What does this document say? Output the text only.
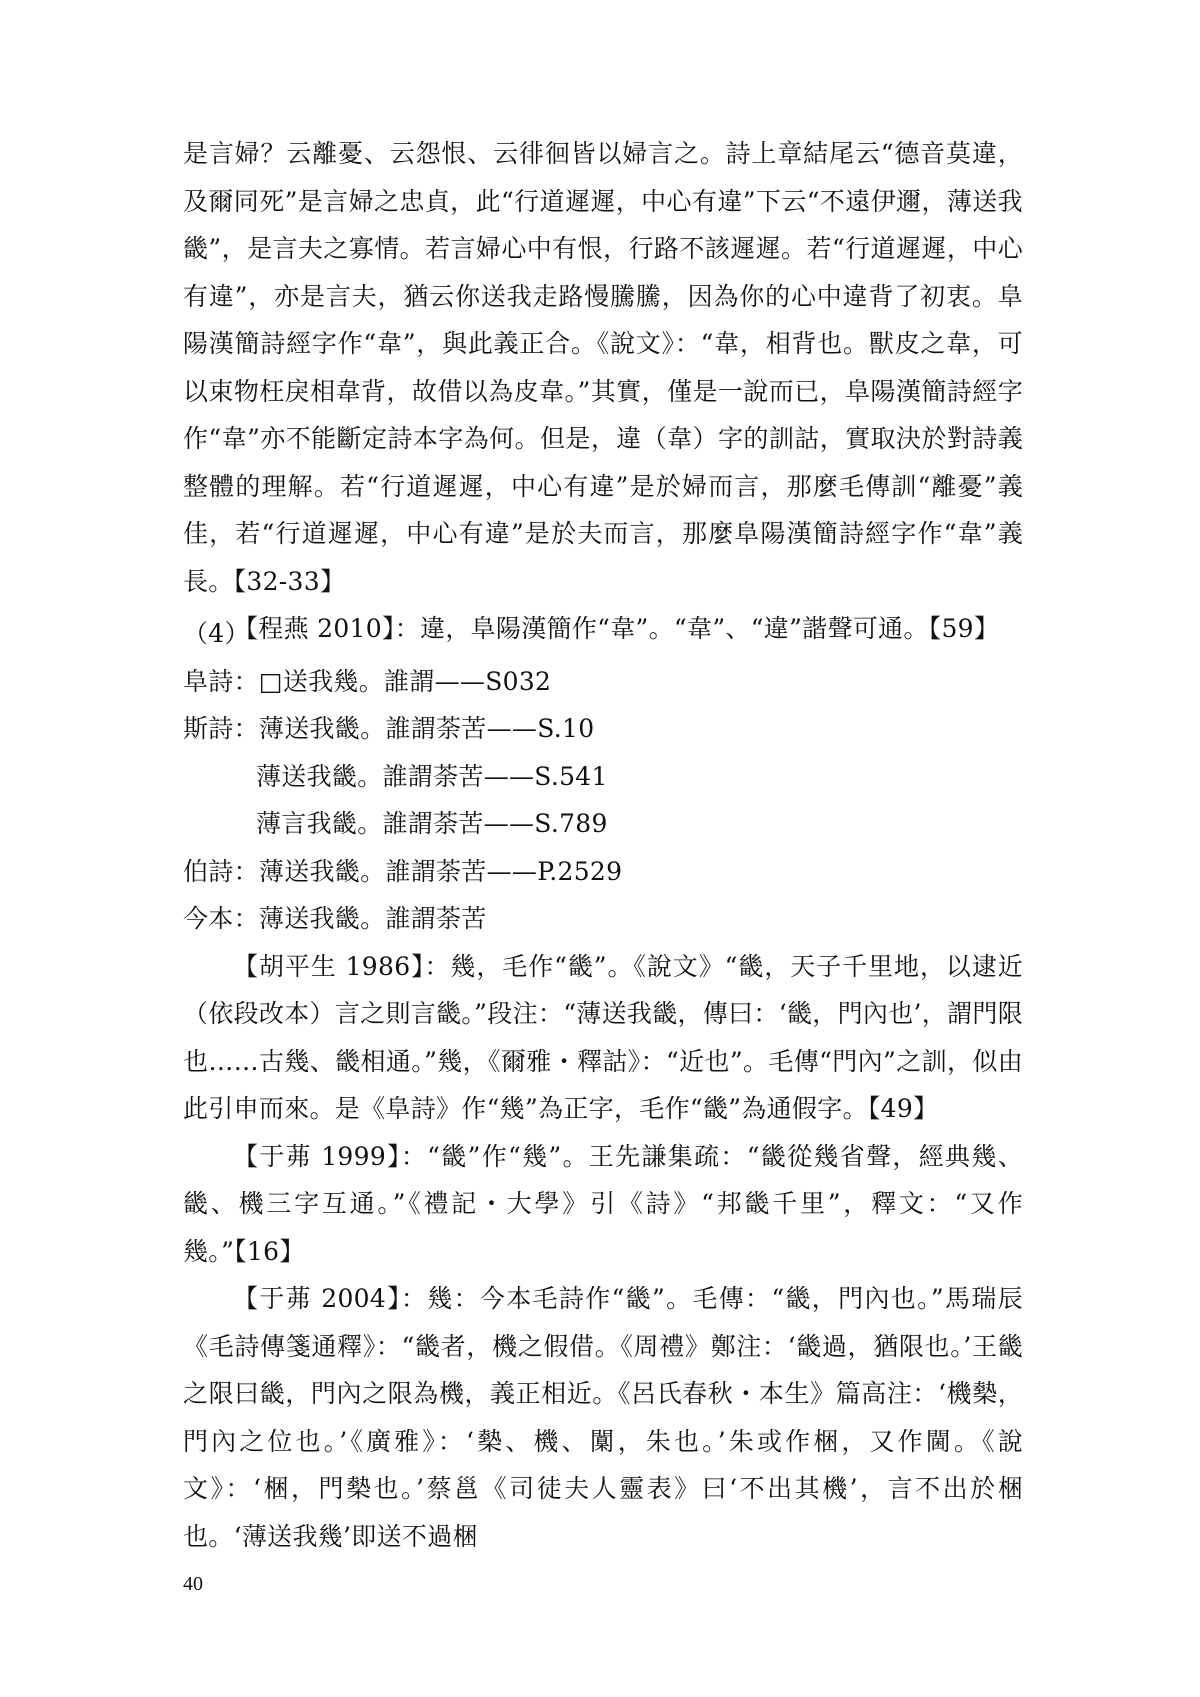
是言婦？云離憂、云怨恨、云徘徊皆以婦言之。詩上章結尾云“德音莫違，及爾同死”是言婦之忠貞，此“行道遲遲，中心有違”下云“不遠伊邇，薄送我畿”，是言夫之寡情。若言婦心中有恨，行路不該遲遲。若“行道遲遲，中心有違”，亦是言夫，猶云你送我走路慢騰騰，因為你的心中違背了初衷。阜陽漢簡詩經字作“韋”，與此義正合。《說文》：“韋，相背也。獸皮之韋，可以束物枉戾相韋背，故借以為皮韋。”其實，僅是一說而已，阜陽漢簡詩經字作“韋”亦不能斷定詩本字為何。但是，違（韋）字的訓詁，實取決於對詩義整體的理解。若“行道遲遲，中心有違”是於婦而言，那麼毛傳訓“離憂”義佳，若“行道遲遲，中心有違”是於夫而言，那麼阜陽漢簡詩經字作“韋”義長。【32-33】

【程燕 2010】：違，阜陽漢簡作“韋”。“韋”、“違”諧聲可通。【59】

（4）

阜詩：□送我幾。誰謂——S032

斯詩：薄送我畿。誰謂荼苦——S.10

薄送我畿。誰謂荼苦——S.541

薄言我畿。誰謂荼苦——S.789

伯詩：薄送我畿。誰謂荼苦——P.2529

今本：薄送我畿。誰謂荼苦

【胡平生 1986】：幾，毛作“畿”。《說文》“畿，天子千里地，以逮近（依段改本）言之則言畿。”段注：“薄送我畿，傳曰：‘畿，門內也’，謂門限也……古幾、畿相通。”幾，《爾雅・釋詁》：“近也”。毛傳“門內”之訓，似由此引申而來。是《阜詩》作“幾”為正字，毛作“畿”為通假字。【49】

【于茀 1999】：“畿”作“幾”。王先謙集疏：“畿從幾省聲，經典幾、畿、機三字互通。”《禮記・大學》引《詩》“邦畿千里”，釋文：“又作幾。”【16】

【于茀 2004】：幾：今本毛詩作“畿”。毛傳：“畿，門內也。”馬瑞辰《毛詩傳箋通釋》：“畿者，機之假借。《周禮》鄭注：‘畿過，猶限也。’王畿之限曰畿，門內之限為機，義正相近。《呂氏春秋・本生》篇高注：‘機槷，門內之位也。’《廣雅》：‘槷、機、闑，朱也。’朱或作梱，又作閫。《說文》：‘梱，門槷也。’蔡邕《司徒夫人靈表》曰‘不出其機’，言不出於梱也。‘薄送我幾’即送不過梱

40
